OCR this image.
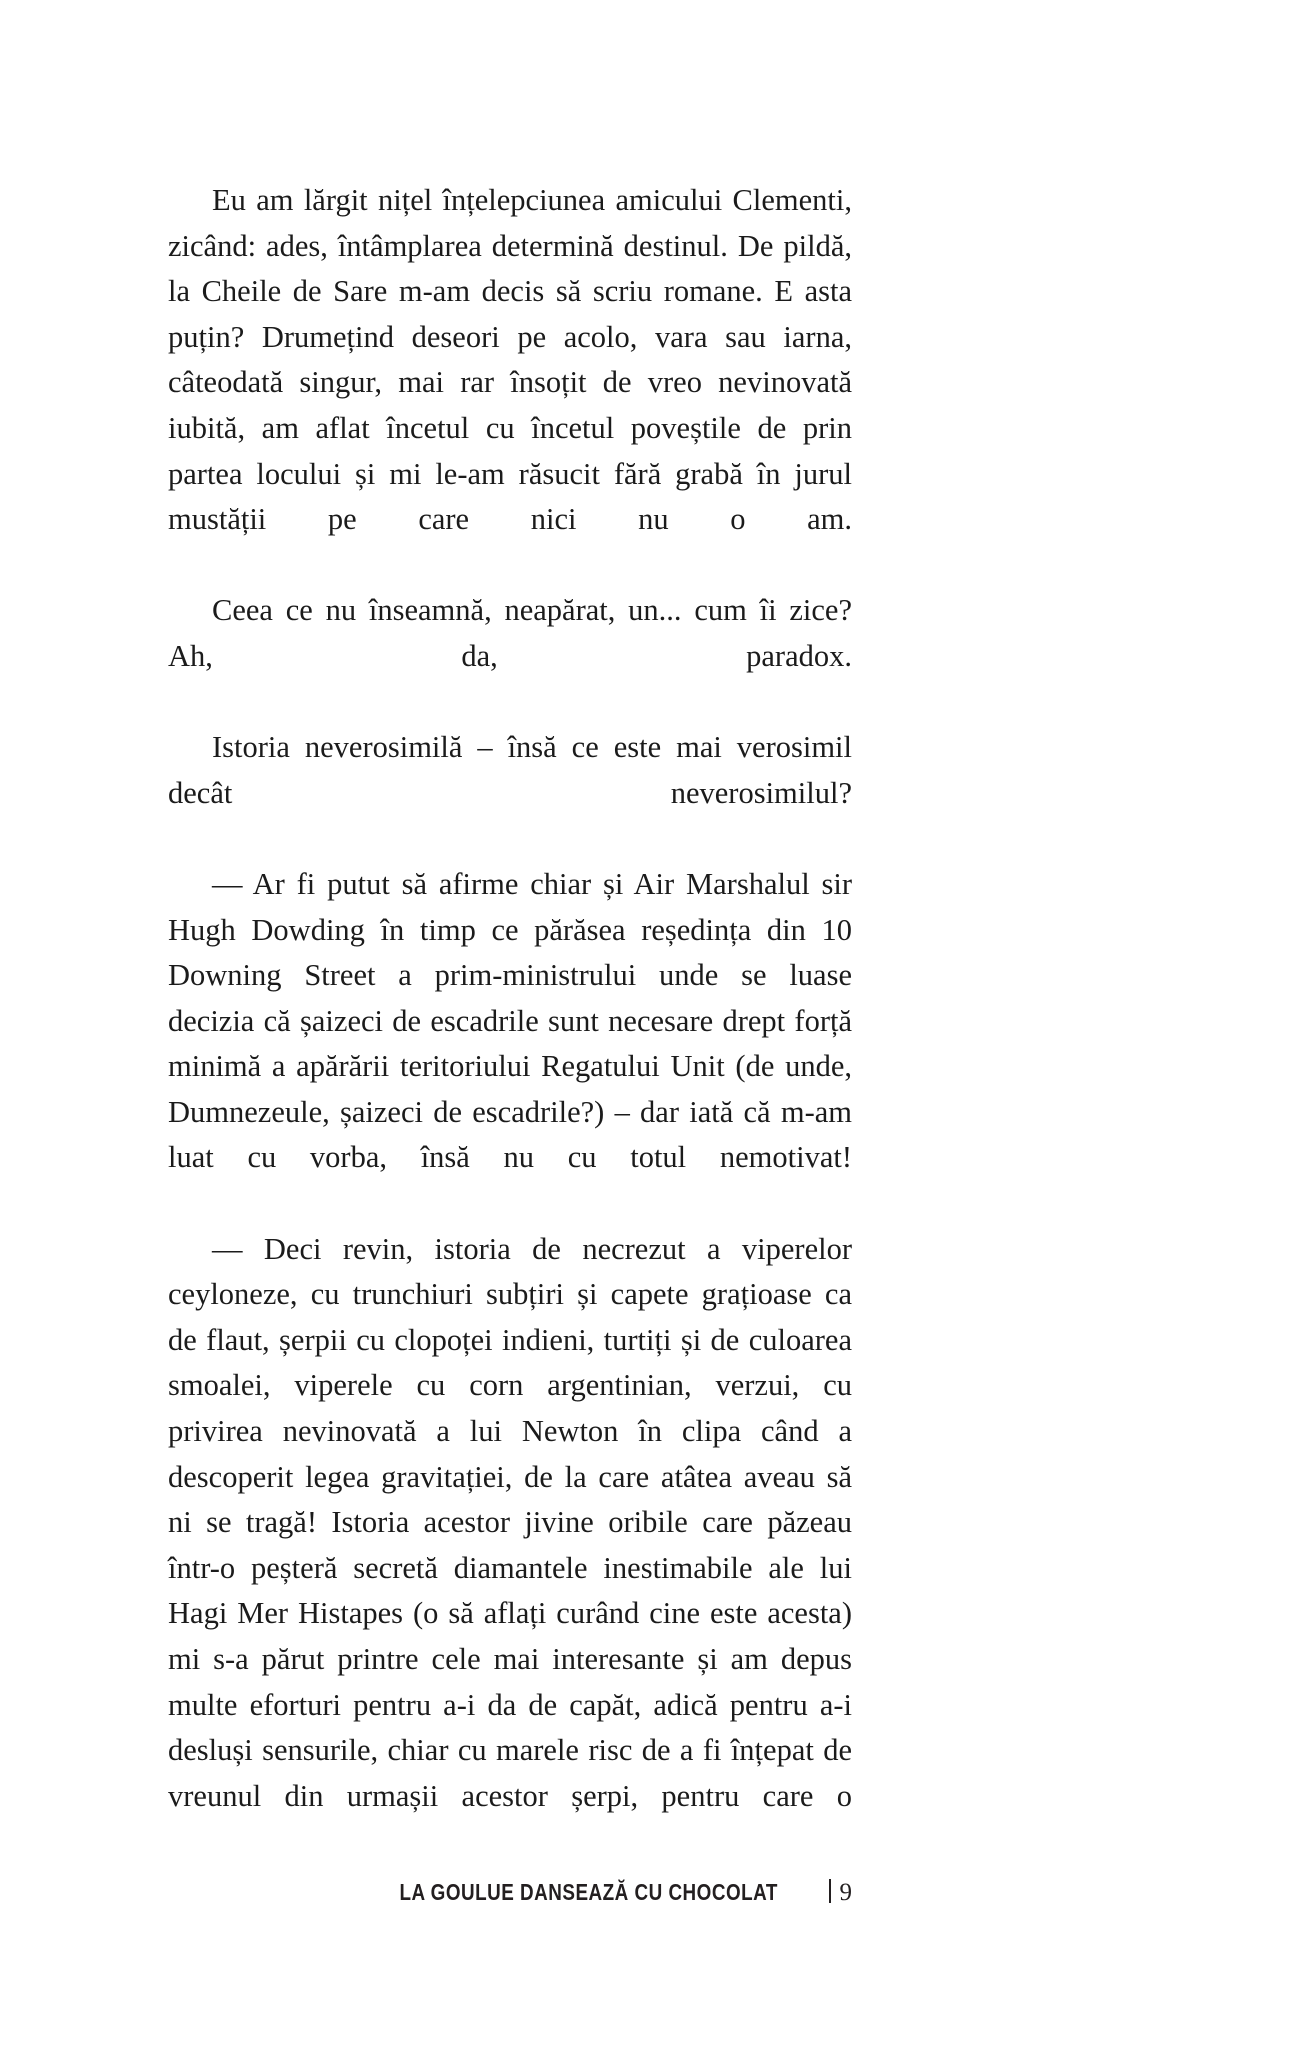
Eu am lărgit nițel înțelepciunea amicului Clementi, zicând: ades, întâmplarea determină destinul. De pildă, la Cheile de Sare m-am decis să scriu romane. E asta puțin? Drumețind deseori pe acolo, vara sau iarna, câteodată singur, mai rar însoțit de vreo nevinovată iubită, am aflat încetul cu încetul poveștile de prin partea locului și mi le-am răsucit fără grabă în jurul mustății pe care nici nu o am.

Ceea ce nu înseamnă, neapărat, un... cum îi zice? Ah, da, paradox.

Istoria neverosimilă – însă ce este mai verosimil decât neverosimilul?

— Ar fi putut să afirme chiar și Air Marshalul sir Hugh Dowding în timp ce părăsea reședința din 10 Downing Street a prim-ministrului unde se luase decizia că șaizeci de escadrile sunt necesare drept forță minimă a apărării teritoriului Regatului Unit (de unde, Dumnezeule, șaizeci de escadrile?) – dar iată că m-am luat cu vorba, însă nu cu totul nemotivat!

— Deci revin, istoria de necrezut a viperelor ceyloneze, cu trunchiuri subțiri și capete grațioase ca de flaut, șerpii cu clopoței indieni, turtiți și de culoarea smoalei, viperele cu corn argentinian, verzui, cu privirea nevinovată a lui Newton în clipa când a descoperit legea gravitației, de la care atâtea aveau să ni se tragă! Istoria acestor jivine oribile care păzeau într-o peșteră secretă diamantele inestimabile ale lui Hagi Mer Histapes (o să aflați curând cine este acesta) mi s-a părut printre cele mai interesante și am depus multe eforturi pentru a-i da de capăt, adică pentru a-i desluși sensurile, chiar cu marele risc de a fi înțepat de vreunul din urmașii acestor șerpi, pentru care o

LA GOULUE DANSEAZĂ CU CHOCOLAT 9
